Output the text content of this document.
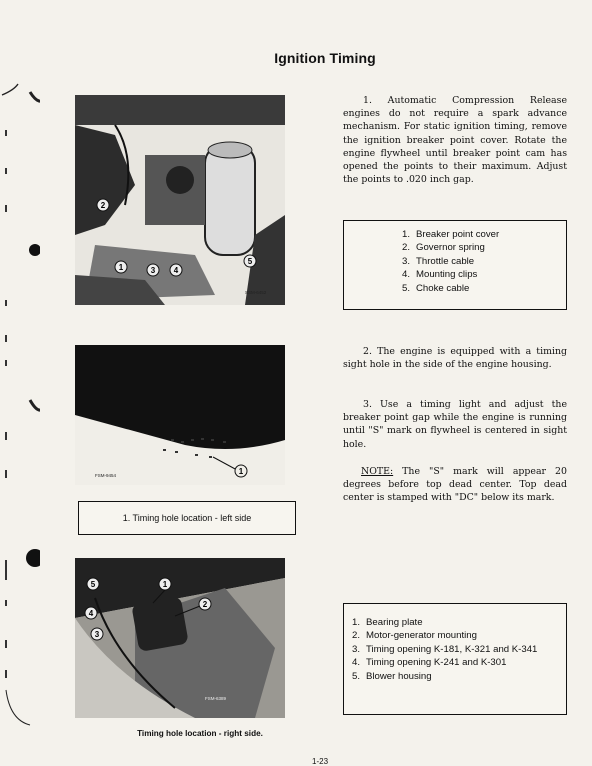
Ignition Timing
2
1	3 4
5
SSM-6452
1. Automatic Compression Release engines do not require a spark advance mechanism. For static ignition timing, remove the ignition breaker point cover. Rotate the engine flywheel until breaker point cam has opened the points to their maximum. Adjust the points to .020 inch gap.
1. Breaker point cover
2. Governor spring
3. Throttle cable
4. Mounting clips
5. Choke cable
1
FSM-9454
1. Timing hole location - left side
2. The engine is equipped with a timing sight hole in the side of the engine housing.
3. Use a timing light and adjust the breaker point gap while the engine is running until "S" mark on flywheel is centered in sight hole.
NOTE: The "S" mark will appear 20 degrees before top dead center. Top dead center is stamped with "DC" below its mark.
5
4
3
1
2
FSM-6389
1. Bearing plate
2. Motor-generator mounting
3. Timing opening K-181, K-321 and K-341
4. Timing opening K-241 and K-301
5. Blower housing
Timing hole location - right side.
1-23
